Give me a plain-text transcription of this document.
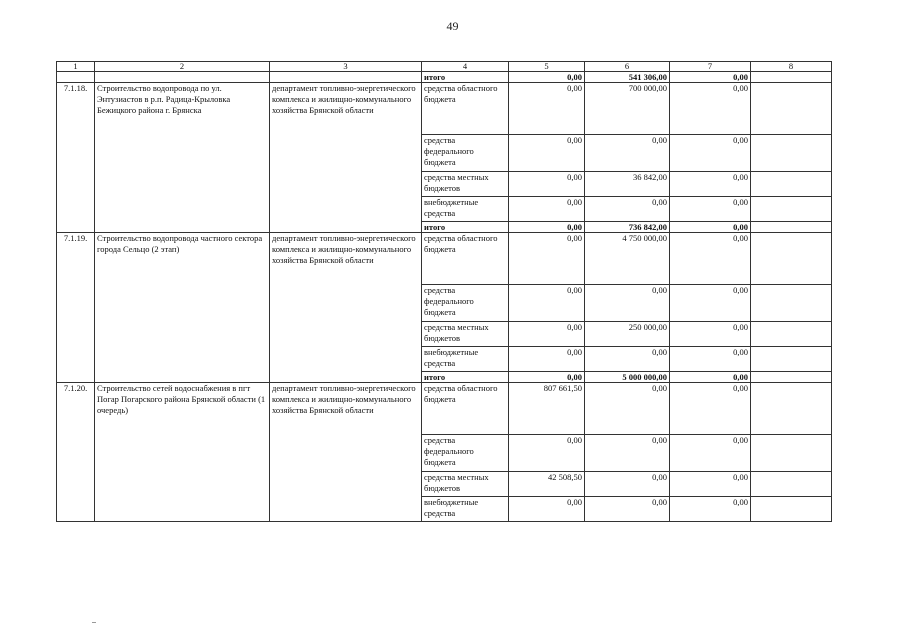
49
1	2	3	4	5	6	7	8
			итого	0,00	541 306,00	0,00	
7.1.18.	Строительство водопровода по ул. Энтузиастов в р.п. Радица-Крыловка Бежицкого района г. Брянска	департамент топливно-энергетического комплекса и жилищно-коммунального хозяйства Брянской области	средства областного бюджета	0,00	700 000,00	0,00	
			средства федерального бюджета	0,00	0,00	0,00	
			средства местных бюджетов	0,00	36 842,00	0,00	
			внебюджетные средства	0,00	0,00	0,00	
			итого	0,00	736 842,00	0,00	
7.1.19.	Строительство водопровода частного сектора города Сельцо (2 этап)	департамент топливно-энергетического комплекса и жилищно-коммунального хозяйства Брянской области	средства областного бюджета	0,00	4 750 000,00	0,00	
			средства федерального бюджета	0,00	0,00	0,00	
			средства местных бюджетов	0,00	250 000,00	0,00	
			внебюджетные средства	0,00	0,00	0,00	
			итого	0,00	5 000 000,00	0,00	
7.1.20.	Строительство сетей водоснабжения в пгт Погар Погарского района Брянской области (1 очередь)	департамент топливно-энергетического комплекса и жилищно-коммунального хозяйства Брянской области	средства областного бюджета	807 661,50	0,00	0,00	
			средства федерального бюджета	0,00	0,00	0,00	
			средства местных бюджетов	42 508,50	0,00	0,00	
			внебюджетные средства	0,00	0,00	0,00	
